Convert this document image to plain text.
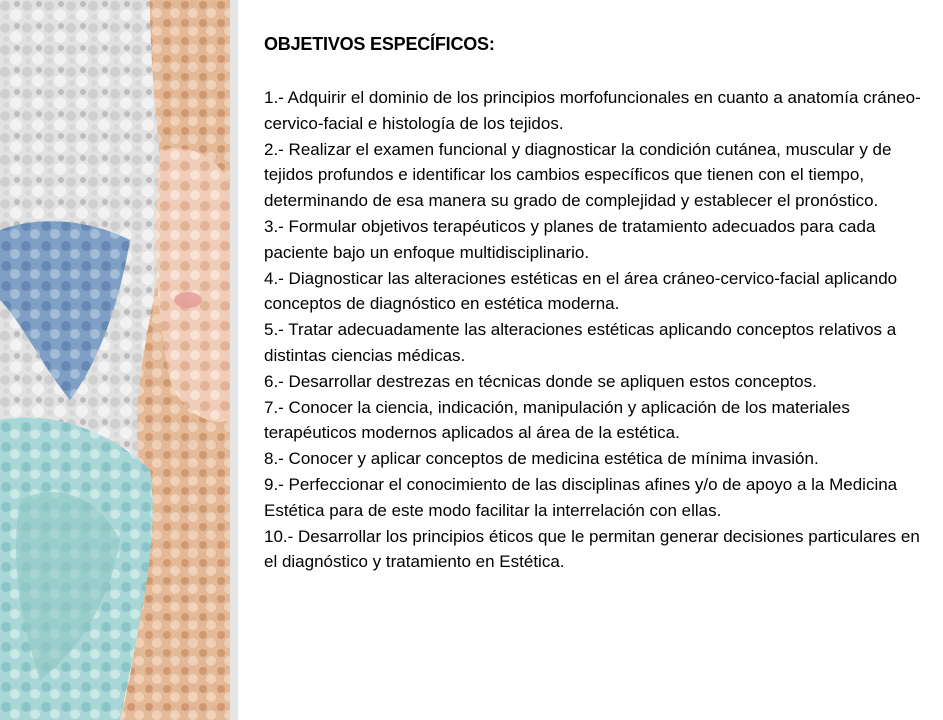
OBJETIVOS ESPECÍFICOS:
1.- Adquirir el dominio de los principios morfofuncionales en cuanto a anatomía cráneo-cervico-facial e histología de los tejidos.
2.- Realizar el examen funcional y diagnosticar la condición cutánea, muscular y de tejidos profundos e identificar los cambios específicos que tienen con el tiempo, determinando de esa manera su grado de complejidad y establecer el pronóstico.
3.- Formular objetivos terapéuticos y planes de tratamiento adecuados para cada paciente bajo un enfoque multidisciplinario.
4.- Diagnosticar las alteraciones estéticas en el área cráneo-cervico-facial aplicando conceptos de diagnóstico en estética moderna.
5.- Tratar adecuadamente las alteraciones estéticas aplicando conceptos relativos a distintas ciencias médicas.
6.- Desarrollar destrezas en técnicas donde se apliquen estos conceptos.
7.- Conocer la ciencia, indicación, manipulación y aplicación de los materiales terapéuticos modernos aplicados al área de la estética.
8.- Conocer y aplicar conceptos de medicina estética de mínima invasión.
9.- Perfeccionar el conocimiento de las disciplinas afines y/o de apoyo a la Medicina Estética para de este modo facilitar la interrelación con ellas.
10.- Desarrollar los principios éticos que le permitan generar decisiones particulares en el diagnóstico y tratamiento en Estética.
